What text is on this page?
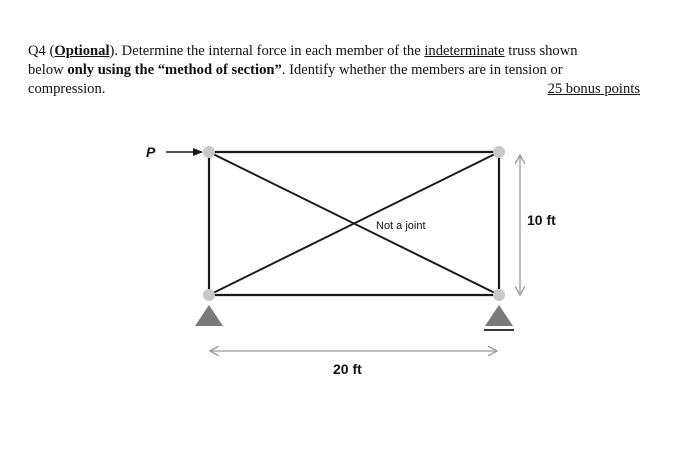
Q4 (Optional). Determine the internal force in each member of the indeterminate truss shown
below only using the “method of section”. Identify whether the members are in tension or
compression.	25 bonus points
P
Not a joint	10 ft
20 ft
